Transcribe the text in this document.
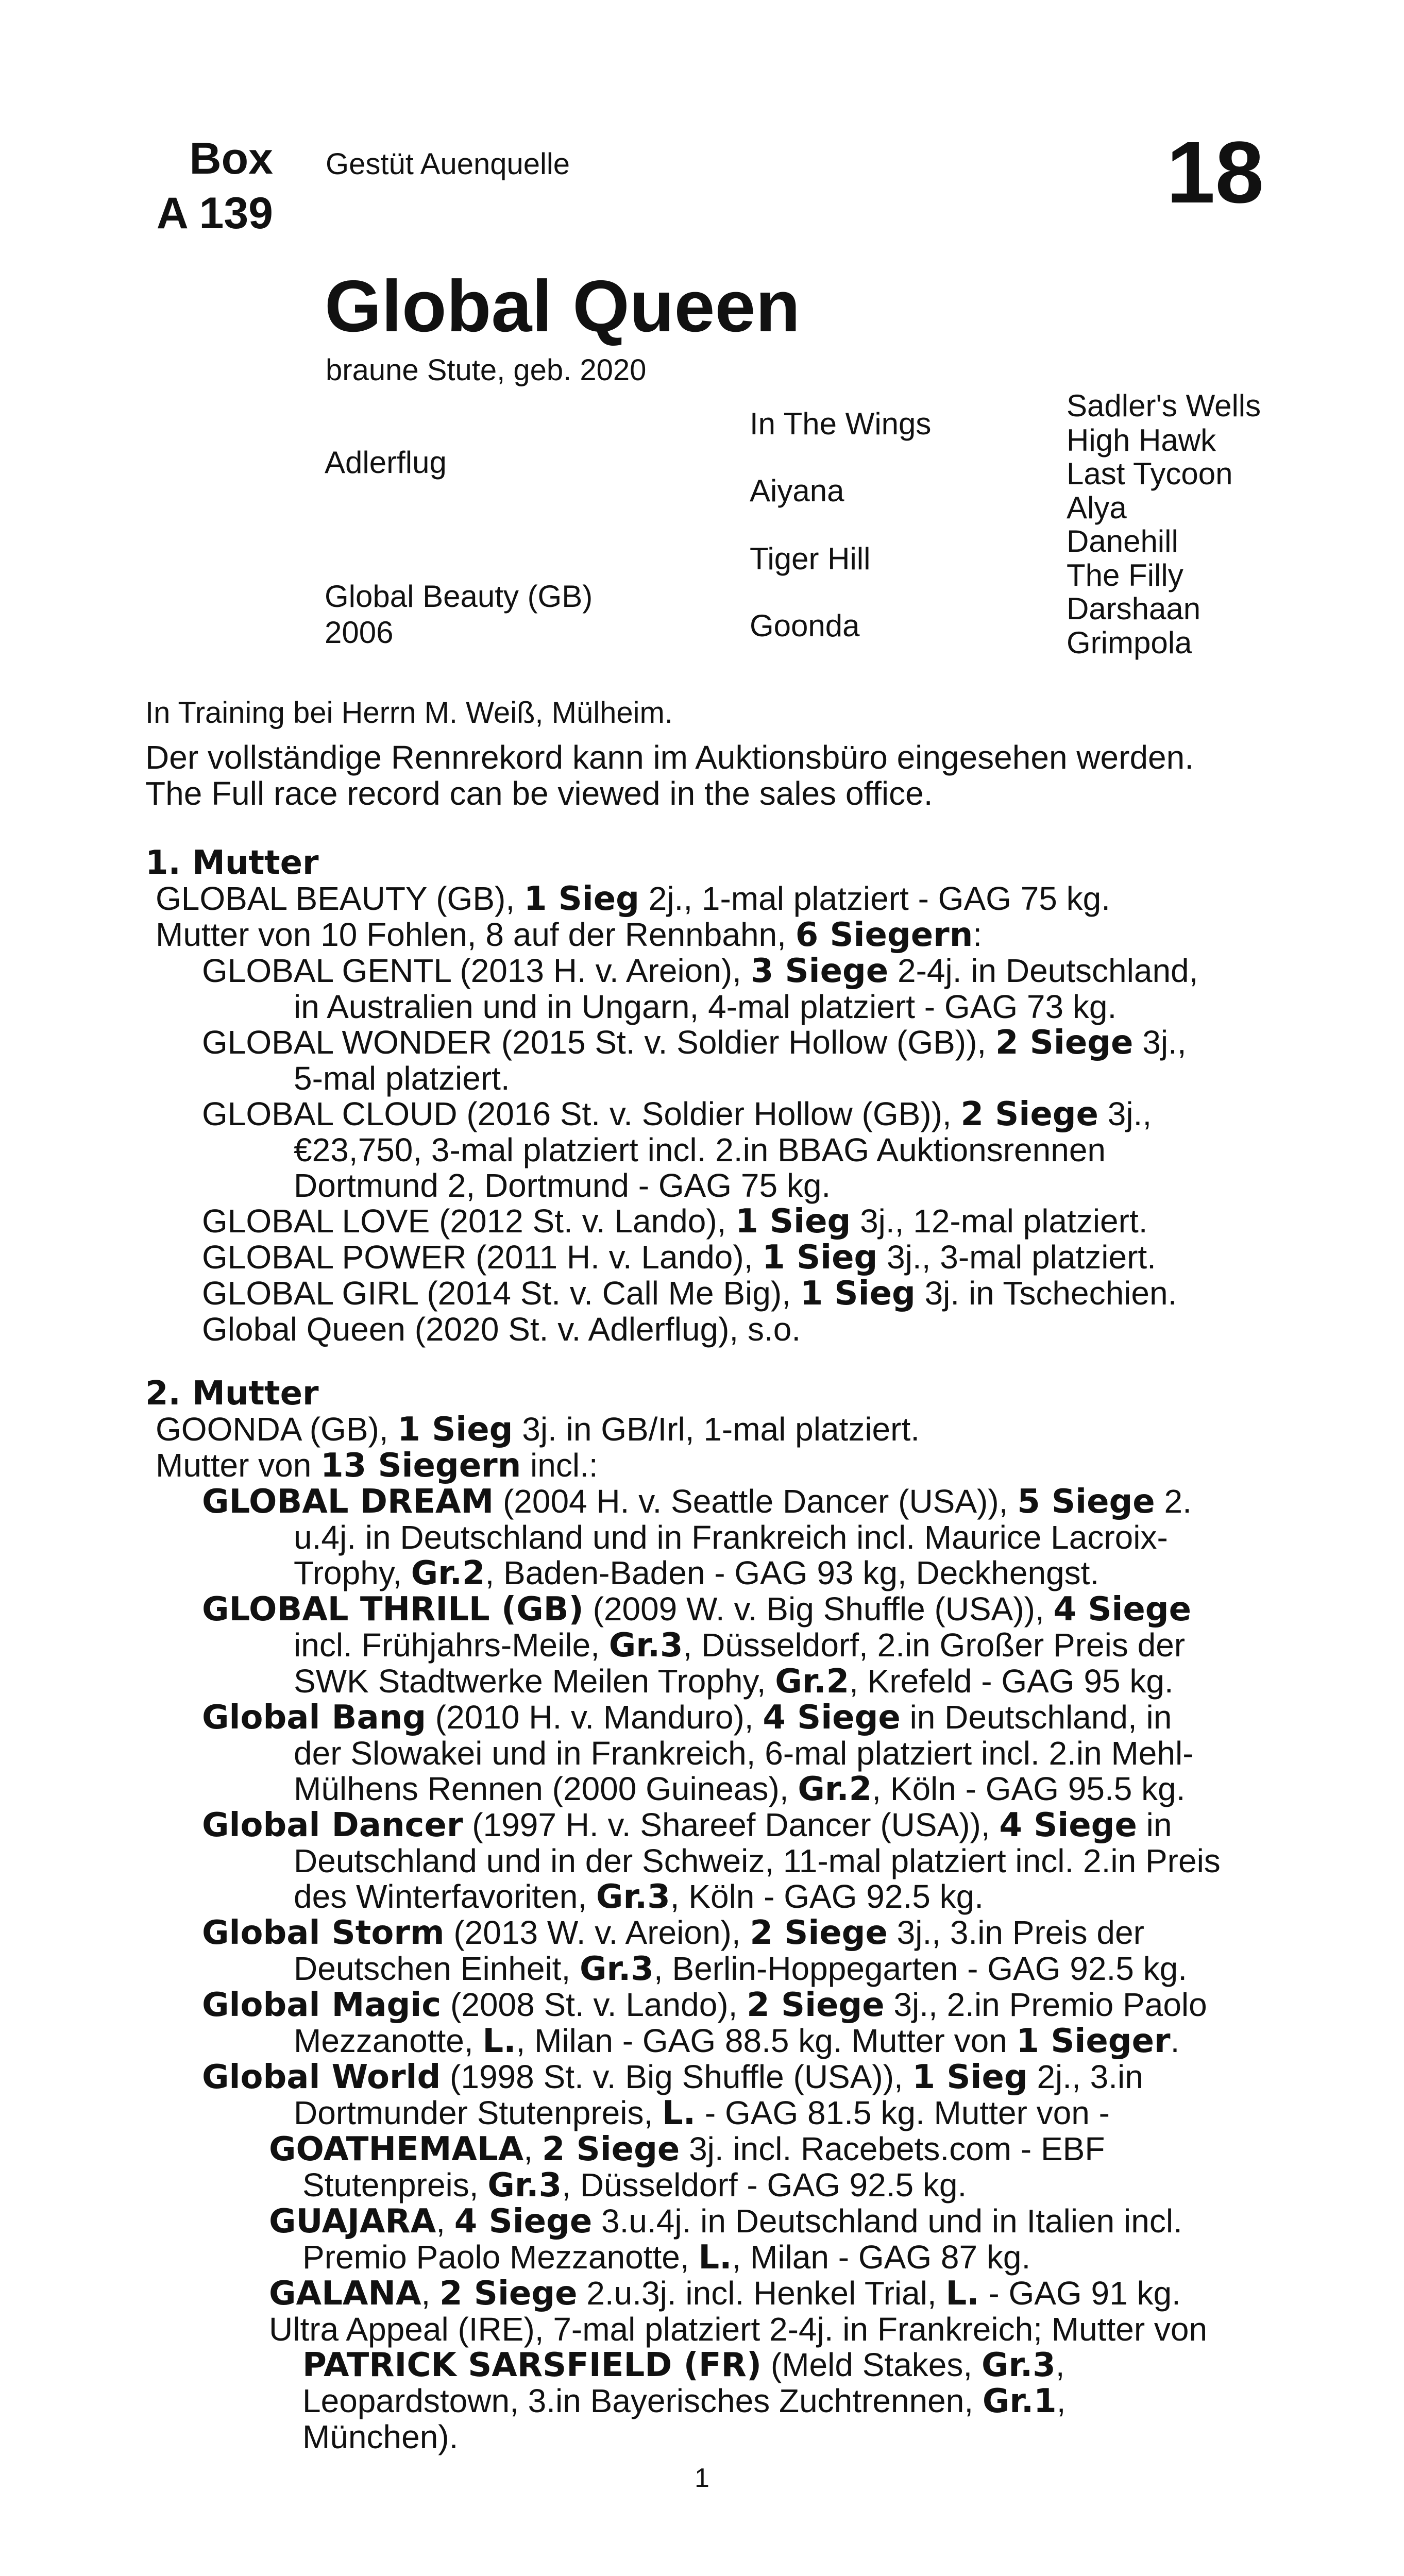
Box
A 139
Gestüt Auenquelle	18
Global Queen
braune Stute, geb. 2020
Adlerflug
Global Beauty (GB)
2006
In The Wings
Aiyana
Tiger Hill
Goonda
Sadler's Wells
High Hawk
Last Tycoon
Alya
Danehill
The Filly
Darshaan
Grimpola
In Training bei Herrn M. Weiß, Mülheim.
Der vollständige Rennrekord kann im Auktionsbüro eingesehen werden.
The Full race record can be viewed in the sales office.
1. Mutter
GLOBAL BEAUTY (GB), 1 Sieg 2j., 1-mal platziert - GAG 75 kg.
Mutter von 10 Fohlen, 8 auf der Rennbahn, 6 Siegern:
GLOBAL GENTL (2013 H. v. Areion), 3 Siege 2-4j. in Deutschland,
in Australien und in Ungarn, 4-mal platziert - GAG 73 kg.
GLOBAL WONDER (2015 St. v. Soldier Hollow (GB)), 2 Siege 3j.,
5-mal platziert.
GLOBAL CLOUD (2016 St. v. Soldier Hollow (GB)), 2 Siege 3j.,
€23,750, 3-mal platziert incl. 2.in BBAG Auktionsrennen
Dortmund 2, Dortmund - GAG 75 kg.
GLOBAL LOVE (2012 St. v. Lando), 1 Sieg 3j., 12-mal platziert.
GLOBAL POWER (2011 H. v. Lando), 1 Sieg 3j., 3-mal platziert.
GLOBAL GIRL (2014 St. v. Call Me Big), 1 Sieg 3j. in Tschechien.
Global Queen (2020 St. v. Adlerflug), s.o.
2. Mutter
GOONDA (GB), 1 Sieg 3j. in GB/Irl, 1-mal platziert.
Mutter von 13 Siegern incl.:
GLOBAL DREAM (2004 H. v. Seattle Dancer (USA)), 5 Siege 2.
u.4j. in Deutschland und in Frankreich incl. Maurice Lacroix-
Trophy, Gr.2, Baden-Baden - GAG 93 kg, Deckhengst.
GLOBAL THRILL (GB) (2009 W. v. Big Shuffle (USA)), 4 Siege
incl. Frühjahrs-Meile, Gr.3, Düsseldorf, 2.in Großer Preis der
SWK Stadtwerke Meilen Trophy, Gr.2, Krefeld - GAG 95 kg.
Global Bang (2010 H. v. Manduro), 4 Siege in Deutschland, in
der Slowakei und in Frankreich, 6-mal platziert incl. 2.in Mehl-
Mülhens Rennen (2000 Guineas), Gr.2, Köln - GAG 95.5 kg.
Global Dancer (1997 H. v. Shareef Dancer (USA)), 4 Siege in
Deutschland und in der Schweiz, 11-mal platziert incl. 2.in Preis
des Winterfavoriten, Gr.3, Köln - GAG 92.5 kg.
Global Storm (2013 W. v. Areion), 2 Siege 3j., 3.in Preis der
Deutschen Einheit, Gr.3, Berlin-Hoppegarten - GAG 92.5 kg.
Global Magic (2008 St. v. Lando), 2 Siege 3j., 2.in Premio Paolo
Mezzanotte, L., Milan - GAG 88.5 kg. Mutter von 1 Sieger.
Global World (1998 St. v. Big Shuffle (USA)), 1 Sieg 2j., 3.in
Dortmunder Stutenpreis, L. - GAG 81.5 kg. Mutter von -
GOATHEMALA, 2 Siege 3j. incl. Racebets.com - EBF
Stutenpreis, Gr.3, Düsseldorf - GAG 92.5 kg.
GUAJARA, 4 Siege 3.u.4j. in Deutschland und in Italien incl.
Premio Paolo Mezzanotte, L., Milan - GAG 87 kg.
GALANA, 2 Siege 2.u.3j. incl. Henkel Trial, L. - GAG 91 kg.
Ultra Appeal (IRE), 7-mal platziert 2-4j. in Frankreich; Mutter von
PATRICK SARSFIELD (FR) (Meld Stakes, Gr.3,
Leopardstown, 3.in Bayerisches Zuchtrennen, Gr.1,
München).
1
